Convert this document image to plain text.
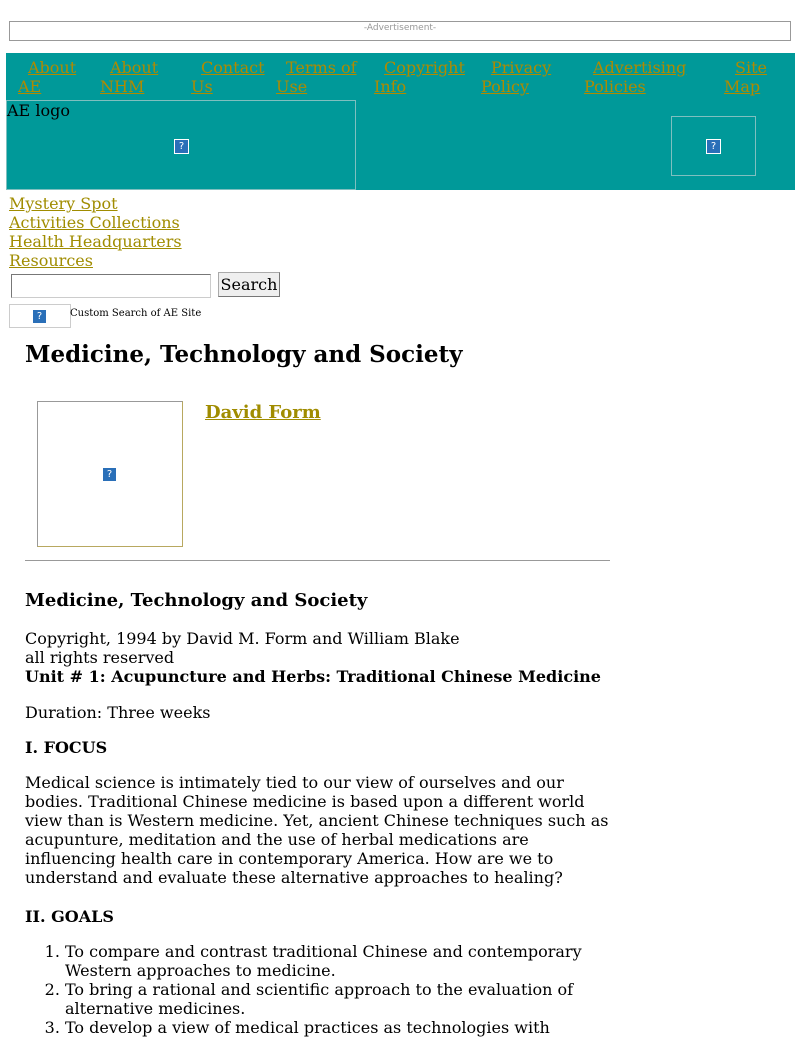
-Advertisement-
About
AE
About
NHM
Contact
Us
Terms of
Use
Copyright
Info
Privacy
Policy
Advertising
Policies
Site
Map
AE logo
?	?
Mystery Spot
Activities Collections
Health Headquarters
Resources
Search
?	Custom Search of AE Site
Medicine, Technology and Society
?
David Form
Medicine, Technology and Society
Copyright, 1994 by David M. Form and William Blake
all rights reserved
Unit # 1: Acupuncture and Herbs: Traditional Chinese Medicine

Duration: Three weeks

I. FOCUS

Medical science is intimately tied to our view of ourselves and our bodies. Traditional Chinese medicine is based upon a different world view than is Western medicine. Yet, ancient Chinese techniques such as acupunture, meditation and the use of herbal medications are influencing health care in contemporary America. How are we to understand and evaluate these alternative approaches to healing?

II. GOALS

1. To compare and contrast traditional Chinese and contemporary Western approaches to medicine.
2. To bring a rational and scientific approach to the evaluation of alternative medicines.
3. To develop a view of medical practices as technologies with
